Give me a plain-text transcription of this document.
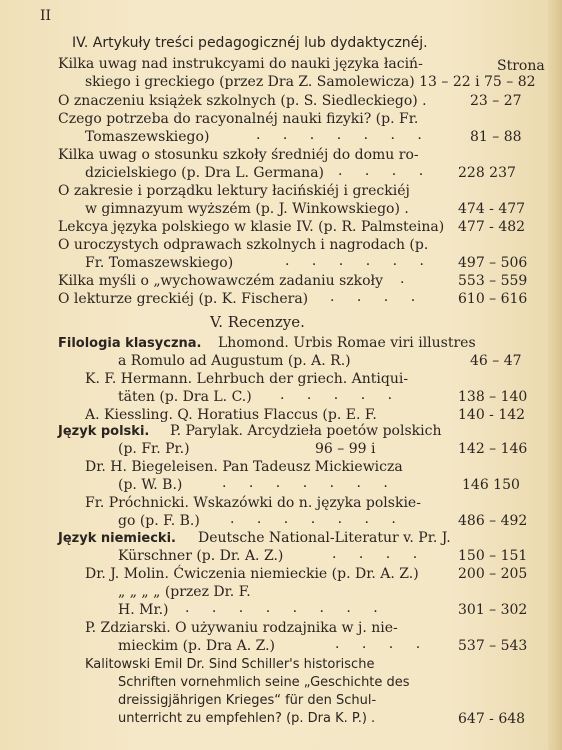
II
IV. Artykuły treści pedagogicznéj lub dydaktycznéj.
Strona
Kilka uwag nad instrukcyami do nauki języka łaciń-
skiego i greckiego (przez Dra Z. Samolewicza) 13 – 22 i 75 – 82
O znaczeniu książek szkolnych (p. S. Siedleckiego) .	23 – 27
Czego potrzeba do racyonalnéj nauki fizyki? (p. Fr.
Tomaszewskiego)	. . . . . . .	81 – 88
Kilka uwag o stosunku szkoły średniéj do domu ro-
dzicielskiego (p. Dra L. Germana) . . . . 228 237
O zakresie i porządku lektury łacińskiéj i greckiéj
w gimnazyum wyższém (p. J. Winkowskiego) .	474 - 477
Lekcya języka polskiego w klasie IV. (p. R. Palmsteina) 477 - 482
O uroczystych odprawach szkolnych i nagrodach (p.
Fr. Tomaszewskiego)	. . . . . . 497 – 506
Kilka myśli o „wychowawczém zadaniu szkoły .	553 – 559
O lekturze greckiéj (p. K. Fischera) . . . . 610 – 616
V. Recenzye.
Filologia klasyczna. Lhomond. Urbis Romae viri illustres
a Romulo ad Augustum (p. A. R.)	46 – 47
K. F. Hermann. Lehrbuch der griech. Antiqui-
täten (p. Dra L. C.) . . . . .	138 – 140
A. Kiessling. Q. Horatius Flaccus (p. E. F.	140 - 142
Język polski. P. Parylak. Arcydzieła poetów polskich
(p. Fr. Pr.)	96 – 99 i	142 – 146
Dr. H. Biegeleisen. Pan Tadeusz Mickiewicza
(p. W. B.)	. . . . . . .	146 150
Fr. Próchnicki. Wskazówki do n. języka polskie-
go (p. F. B.) . . . . . . .	486 – 492
Język niemiecki. Deutsche National-Literatur v. Pr. J.
Kürschner (p. Dr. A. Z.)	. . . . 150 – 151
Dr. J. Molin. Ćwiczenia niemieckie (p. Dr. A. Z.)	200 – 205
„ „ „ „ (przez Dr. F.
H. Mr.) . . . . . . . .	301 – 302
P. Zdziarski. O używaniu rodzajnika w j. nie-
mieckim (p. Dra A. Z.)	. . . . 537 – 543
Kalitowski Emil Dr. Sind Schiller's historische
Schriften vornehmlich seine „Geschichte des
dreissigjährigen Krieges“ für den Schul-
unterricht zu empfehlen? (p. Dra K. P.) .	647 - 648
